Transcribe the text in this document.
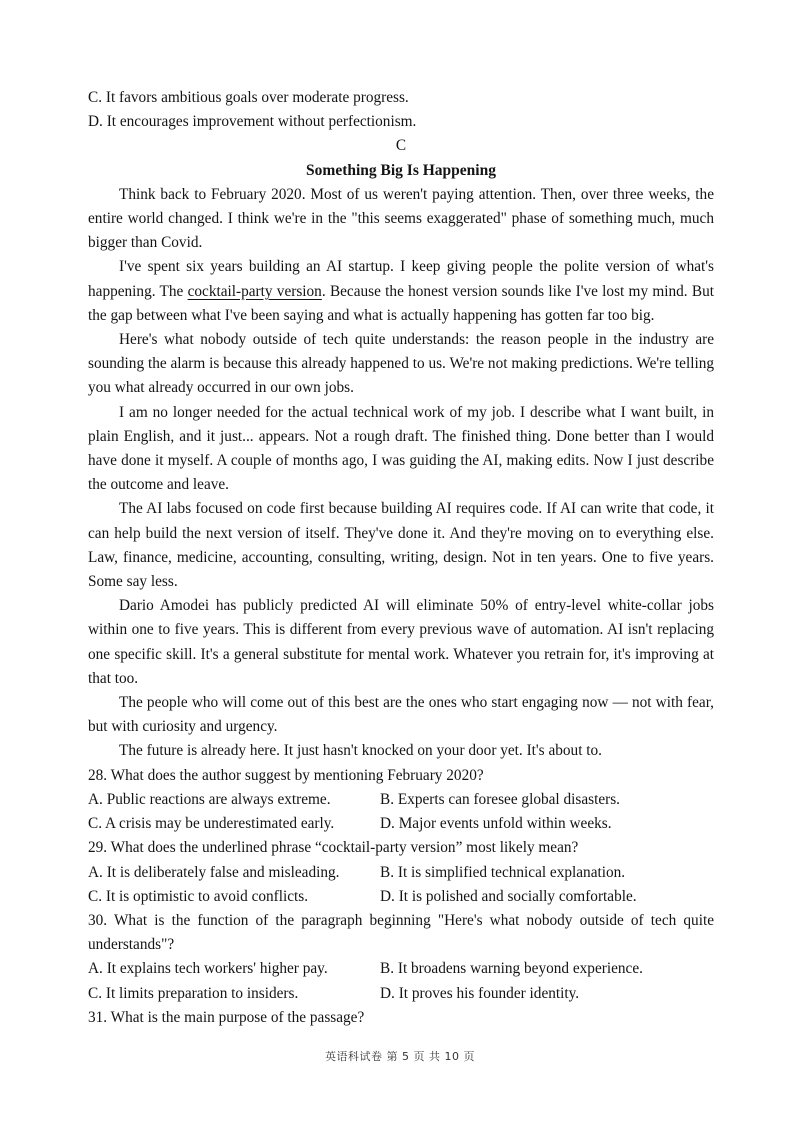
C. It favors ambitious goals over moderate progress.
D. It encourages improvement without perfectionism.
C
Something Big Is Happening

Think back to February 2020. Most of us weren't paying attention. Then, over three weeks, the entire world changed. I think we're in the "this seems exaggerated" phase of something much, much bigger than Covid.

I've spent six years building an AI startup. I keep giving people the polite version of what's happening. The cocktail-party version. Because the honest version sounds like I've lost my mind. But the gap between what I've been saying and what is actually happening has gotten far too big.

Here's what nobody outside of tech quite understands: the reason people in the industry are sounding the alarm is because this already happened to us. We're not making predictions. We're telling you what already occurred in our own jobs.

I am no longer needed for the actual technical work of my job. I describe what I want built, in plain English, and it just... appears. Not a rough draft. The finished thing. Done better than I would have done it myself. A couple of months ago, I was guiding the AI, making edits. Now I just describe the outcome and leave.

The AI labs focused on code first because building AI requires code. If AI can write that code, it can help build the next version of itself. They've done it. And they're moving on to everything else. Law, finance, medicine, accounting, consulting, writing, design. Not in ten years. One to five years. Some say less.

Dario Amodei has publicly predicted AI will eliminate 50% of entry-level white-collar jobs within one to five years. This is different from every previous wave of automation. AI isn't replacing one specific skill. It's a general substitute for mental work. Whatever you retrain for, it's improving at that too.

The people who will come out of this best are the ones who start engaging now — not with fear, but with curiosity and urgency.

The future is already here. It just hasn't knocked on your door yet. It's about to.

28. What does the author suggest by mentioning February 2020?

A. Public reactions are always extreme.	B. Experts can foresee global disasters.
C. A crisis may be underestimated early.	D. Major events unfold within weeks.

29. What does the underlined phrase “cocktail-party version” most likely mean?

A. It is deliberately false and misleading.	B. It is simplified technical explanation.
C. It is optimistic to avoid conflicts.	D. It is polished and socially comfortable.

30. What is the function of the paragraph beginning "Here's what nobody outside of tech quite understands"?

A. It explains tech workers' higher pay.	B. It broadens warning beyond experience.
C. It limits preparation to insiders.	D. It proves his founder identity.

31. What is the main purpose of the passage?

英语科试卷 第 5 页 共 10 页
